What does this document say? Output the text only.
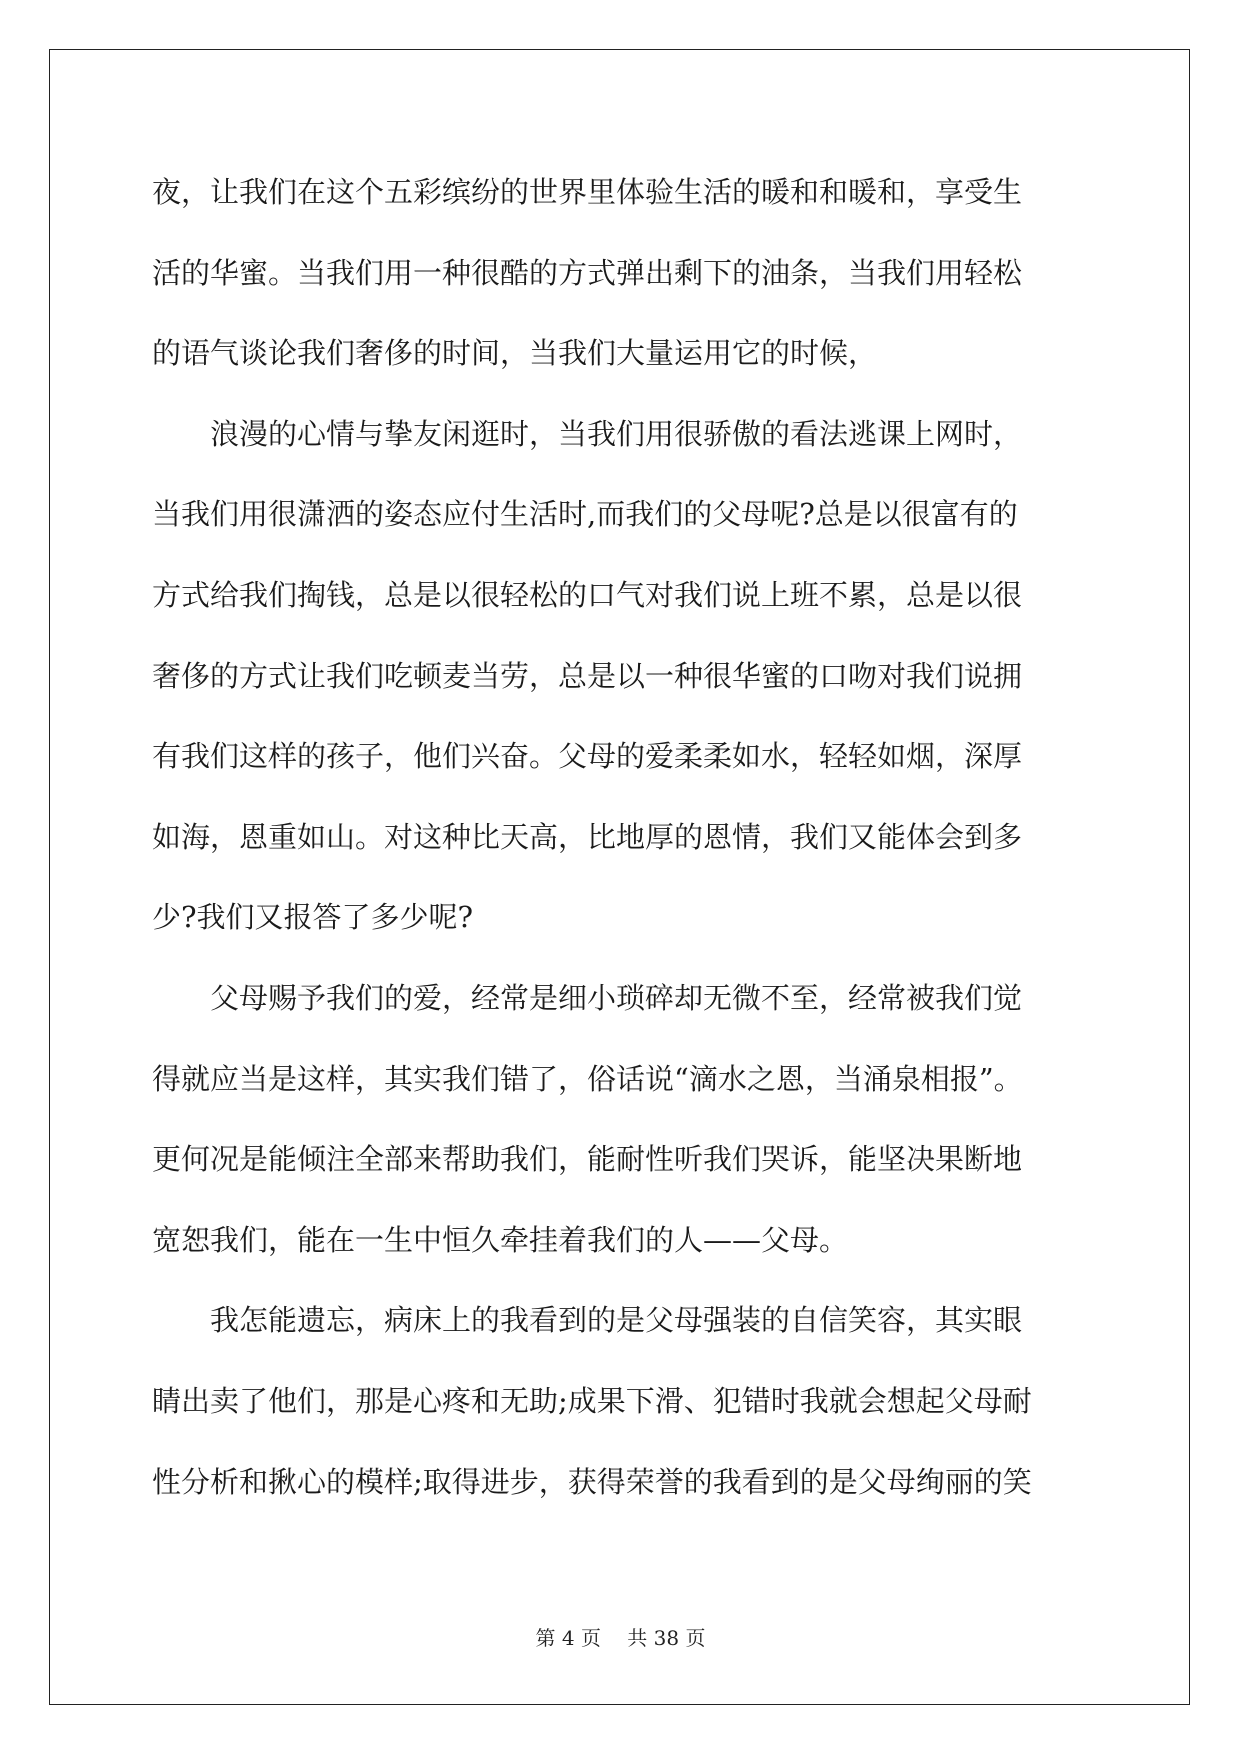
夜，让我们在这个五彩缤纷的世界里体验生活的暖和和暖和，享受生
活的华蜜。当我们用一种很酷的方式弹出剩下的油条，当我们用轻松
的语气谈论我们奢侈的时间，当我们大量运用它的时候，
浪漫的心情与挚友闲逛时，当我们用很骄傲的看法逃课上网时，
当我们用很潇洒的姿态应付生活时,而我们的父母呢?总是以很富有的
方式给我们掏钱，总是以很轻松的口气对我们说上班不累，总是以很
奢侈的方式让我们吃顿麦当劳，总是以一种很华蜜的口吻对我们说拥
有我们这样的孩子，他们兴奋。父母的爱柔柔如水，轻轻如烟，深厚
如海，恩重如山。对这种比天高，比地厚的恩情，我们又能体会到多
少?我们又报答了多少呢?
父母赐予我们的爱，经常是细小琐碎却无微不至，经常被我们觉
得就应当是这样，其实我们错了，俗话说“滴水之恩，当涌泉相报”。
更何况是能倾注全部来帮助我们，能耐性听我们哭诉，能坚决果断地
宽恕我们，能在一生中恒久牵挂着我们的人——父母。
我怎能遗忘，病床上的我看到的是父母强装的自信笑容，其实眼
睛出卖了他们，那是心疼和无助;成果下滑、犯错时我就会想起父母耐
性分析和揪心的模样;取得进步，获得荣誉的我看到的是父母绚丽的笑
第 4 页　 共 38 页
